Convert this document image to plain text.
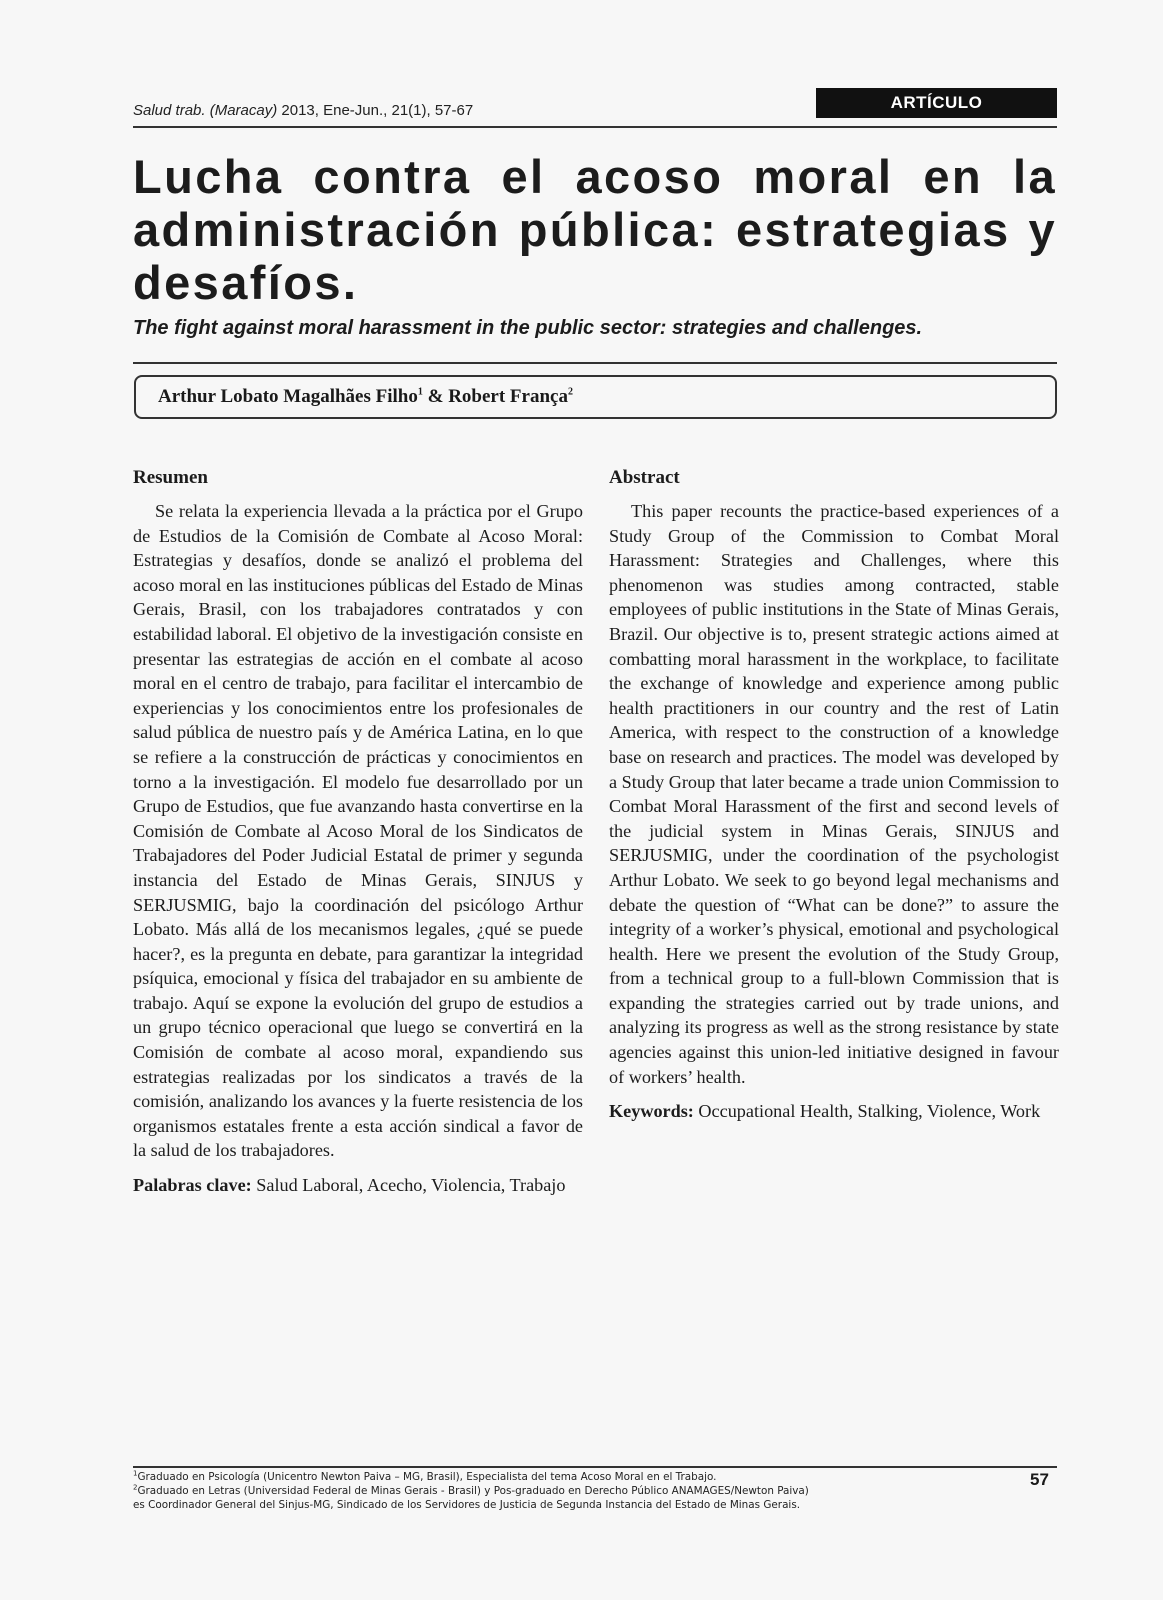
Salud trab. (Maracay) 2013, Ene-Jun., 21(1), 57-67	ARTÍCULO
Lucha contra el acoso moral en la administración pública: estrategias y desafíos.
The fight against moral harassment in the public sector: strategies and challenges.
Arthur Lobato Magalhães Filho$^1$ & Robert França$^2$
Resumen

Se relata la experiencia llevada a la práctica por el Grupo de Estudios de la Comisión de Combate al Acoso Moral: Estrategias y desafíos, donde se analizó el problema del acoso moral en las instituciones públicas del Estado de Minas Gerais, Brasil, con los trabajadores contratados y con estabilidad laboral. El objetivo de la investigación consiste en presentar las estrategias de acción en el combate al acoso moral en el centro de trabajo, para facilitar el intercambio de experiencias y los conocimientos entre los profesionales de salud pública de nuestro país y de América Latina, en lo que se refiere a la construcción de prácticas y conocimientos en torno a la investigación. El modelo fue desarrollado por un Grupo de Estudios, que fue avanzando hasta convertirse en la Comisión de Combate al Acoso Moral de los Sindicatos de Trabajadores del Poder Judicial Estatal de primer y segunda instancia del Estado de Minas Gerais, SINJUS y SERJUSMIG, bajo la coordinación del psicólogo Arthur Lobato. Más allá de los mecanismos legales, ¿qué se puede hacer?, es la pregunta en debate, para garantizar la integridad psíquica, emocional y física del trabajador en su ambiente de trabajo. Aquí se expone la evolución del grupo de estudios a un grupo técnico operacional que luego se convertirá en la Comisión de combate al acoso moral, expandiendo sus estrategias realizadas por los sindicatos a través de la comisión, analizando los avances y la fuerte resistencia de los organismos estatales frente a esta acción sindical a favor de la salud de los trabajadores.

Palabras clave: Salud Laboral, Acecho, Violencia, Trabajo

Abstract

This paper recounts the practice-based experiences of a Study Group of the Commission to Combat Moral Harassment: Strategies and Challenges, where this phenomenon was studies among contracted, stable employees of public institutions in the State of Minas Gerais, Brazil. Our objective is to, present strategic actions aimed at combatting moral harassment in the workplace, to facilitate the exchange of knowledge and experience among public health practitioners in our country and the rest of Latin America, with respect to the construction of a knowledge base on research and practices. The model was developed by a Study Group that later became a trade union Commission to Combat Moral Harassment of the first and second levels of the judicial system in Minas Gerais, SINJUS and SERJUSMIG, under the coordination of the psychologist Arthur Lobato. We seek to go beyond legal mechanisms and debate the question of “What can be done?” to assure the integrity of a worker’s physical, emotional and psychological health. Here we present the evolution of the Study Group, from a technical group to a full-blown Commission that is expanding the strategies carried out by trade unions, and analyzing its progress as well as the strong resistance by state agencies against this union-led initiative designed in favour of workers’ health.

Keywords: Occupational Health, Stalking, Violence, Work

$^1$Graduado en Psicología (Unicentro Newton Paiva – MG, Brasil), Especialista del tema Acoso Moral en el Trabajo.
$^2$Graduado en Letras (Universidad Federal de Minas Gerais - Brasil) y Pos-graduado en Derecho Público ANAMAGES/Newton Paiva)
es Coordinador General del Sinjus-MG, Sindicado de los Servidores de Justicia de Segunda Instancia del Estado de Minas Gerais.
57
